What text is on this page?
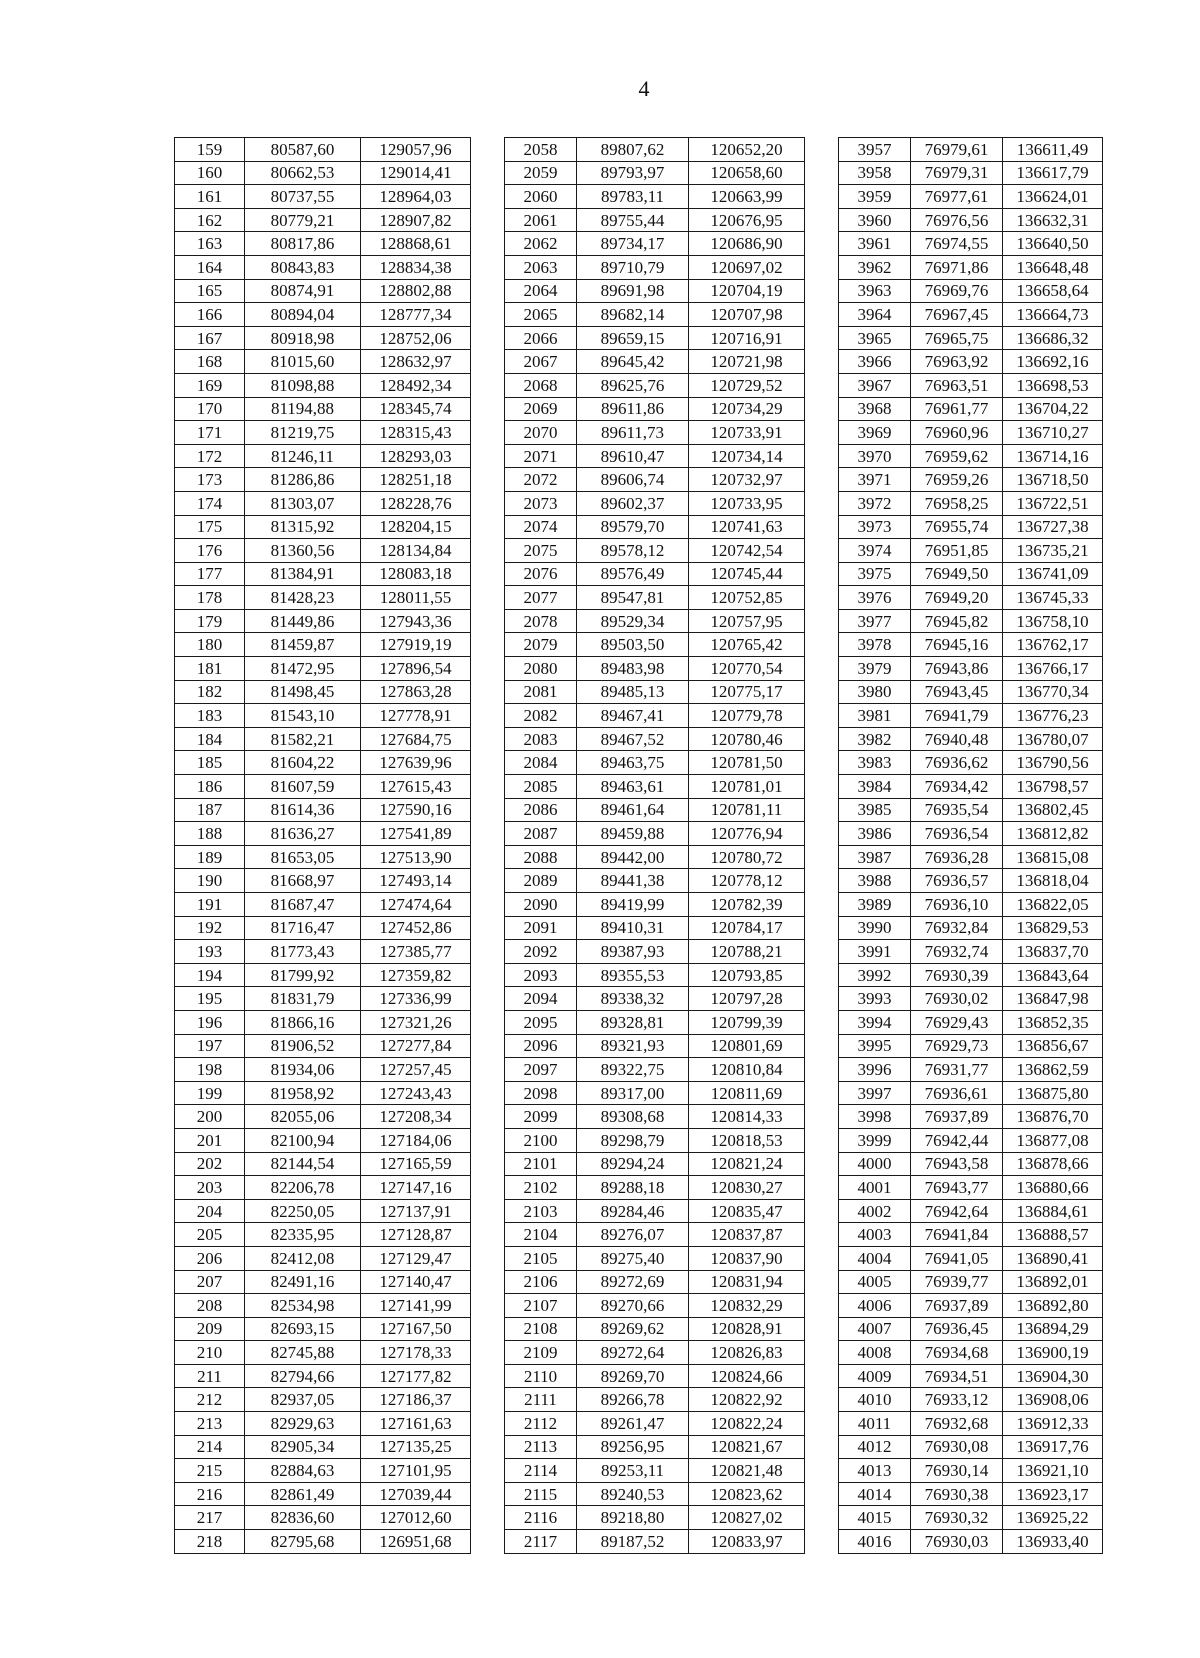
4
159	80587,60	129057,96		2058	89807,62	120652,20		3957	76979,61	136611,49
160	80662,53	129014,41		2059	89793,97	120658,60		3958	76979,31	136617,79
161	80737,55	128964,03		2060	89783,11	120663,99		3959	76977,61	136624,01
162	80779,21	128907,82		2061	89755,44	120676,95		3960	76976,56	136632,31
163	80817,86	128868,61		2062	89734,17	120686,90		3961	76974,55	136640,50
164	80843,83	128834,38		2063	89710,79	120697,02		3962	76971,86	136648,48
165	80874,91	128802,88		2064	89691,98	120704,19		3963	76969,76	136658,64
166	80894,04	128777,34		2065	89682,14	120707,98		3964	76967,45	136664,73
167	80918,98	128752,06		2066	89659,15	120716,91		3965	76965,75	136686,32
168	81015,60	128632,97		2067	89645,42	120721,98		3966	76963,92	136692,16
169	81098,88	128492,34		2068	89625,76	120729,52		3967	76963,51	136698,53
170	81194,88	128345,74		2069	89611,86	120734,29		3968	76961,77	136704,22
171	81219,75	128315,43		2070	89611,73	120733,91		3969	76960,96	136710,27
172	81246,11	128293,03		2071	89610,47	120734,14		3970	76959,62	136714,16
173	81286,86	128251,18		2072	89606,74	120732,97		3971	76959,26	136718,50
174	81303,07	128228,76		2073	89602,37	120733,95		3972	76958,25	136722,51
175	81315,92	128204,15		2074	89579,70	120741,63		3973	76955,74	136727,38
176	81360,56	128134,84		2075	89578,12	120742,54		3974	76951,85	136735,21
177	81384,91	128083,18		2076	89576,49	120745,44		3975	76949,50	136741,09
178	81428,23	128011,55		2077	89547,81	120752,85		3976	76949,20	136745,33
179	81449,86	127943,36		2078	89529,34	120757,95		3977	76945,82	136758,10
180	81459,87	127919,19		2079	89503,50	120765,42		3978	76945,16	136762,17
181	81472,95	127896,54		2080	89483,98	120770,54		3979	76943,86	136766,17
182	81498,45	127863,28		2081	89485,13	120775,17		3980	76943,45	136770,34
183	81543,10	127778,91		2082	89467,41	120779,78		3981	76941,79	136776,23
184	81582,21	127684,75		2083	89467,52	120780,46		3982	76940,48	136780,07
185	81604,22	127639,96		2084	89463,75	120781,50		3983	76936,62	136790,56
186	81607,59	127615,43		2085	89463,61	120781,01		3984	76934,42	136798,57
187	81614,36	127590,16		2086	89461,64	120781,11		3985	76935,54	136802,45
188	81636,27	127541,89		2087	89459,88	120776,94		3986	76936,54	136812,82
189	81653,05	127513,90		2088	89442,00	120780,72		3987	76936,28	136815,08
190	81668,97	127493,14		2089	89441,38	120778,12		3988	76936,57	136818,04
191	81687,47	127474,64		2090	89419,99	120782,39		3989	76936,10	136822,05
192	81716,47	127452,86		2091	89410,31	120784,17		3990	76932,84	136829,53
193	81773,43	127385,77		2092	89387,93	120788,21		3991	76932,74	136837,70
194	81799,92	127359,82		2093	89355,53	120793,85		3992	76930,39	136843,64
195	81831,79	127336,99		2094	89338,32	120797,28		3993	76930,02	136847,98
196	81866,16	127321,26		2095	89328,81	120799,39		3994	76929,43	136852,35
197	81906,52	127277,84		2096	89321,93	120801,69		3995	76929,73	136856,67
198	81934,06	127257,45		2097	89322,75	120810,84		3996	76931,77	136862,59
199	81958,92	127243,43		2098	89317,00	120811,69		3997	76936,61	136875,80
200	82055,06	127208,34		2099	89308,68	120814,33		3998	76937,89	136876,70
201	82100,94	127184,06		2100	89298,79	120818,53		3999	76942,44	136877,08
202	82144,54	127165,59		2101	89294,24	120821,24		4000	76943,58	136878,66
203	82206,78	127147,16		2102	89288,18	120830,27		4001	76943,77	136880,66
204	82250,05	127137,91		2103	89284,46	120835,47		4002	76942,64	136884,61
205	82335,95	127128,87		2104	89276,07	120837,87		4003	76941,84	136888,57
206	82412,08	127129,47		2105	89275,40	120837,90		4004	76941,05	136890,41
207	82491,16	127140,47		2106	89272,69	120831,94		4005	76939,77	136892,01
208	82534,98	127141,99		2107	89270,66	120832,29		4006	76937,89	136892,80
209	82693,15	127167,50		2108	89269,62	120828,91		4007	76936,45	136894,29
210	82745,88	127178,33		2109	89272,64	120826,83		4008	76934,68	136900,19
211	82794,66	127177,82		2110	89269,70	120824,66		4009	76934,51	136904,30
212	82937,05	127186,37		2111	89266,78	120822,92		4010	76933,12	136908,06
213	82929,63	127161,63		2112	89261,47	120822,24		4011	76932,68	136912,33
214	82905,34	127135,25		2113	89256,95	120821,67		4012	76930,08	136917,76
215	82884,63	127101,95		2114	89253,11	120821,48		4013	76930,14	136921,10
216	82861,49	127039,44		2115	89240,53	120823,62		4014	76930,38	136923,17
217	82836,60	127012,60		2116	89218,80	120827,02		4015	76930,32	136925,22
218	82795,68	126951,68		2117	89187,52	120833,97		4016	76930,03	136933,40
